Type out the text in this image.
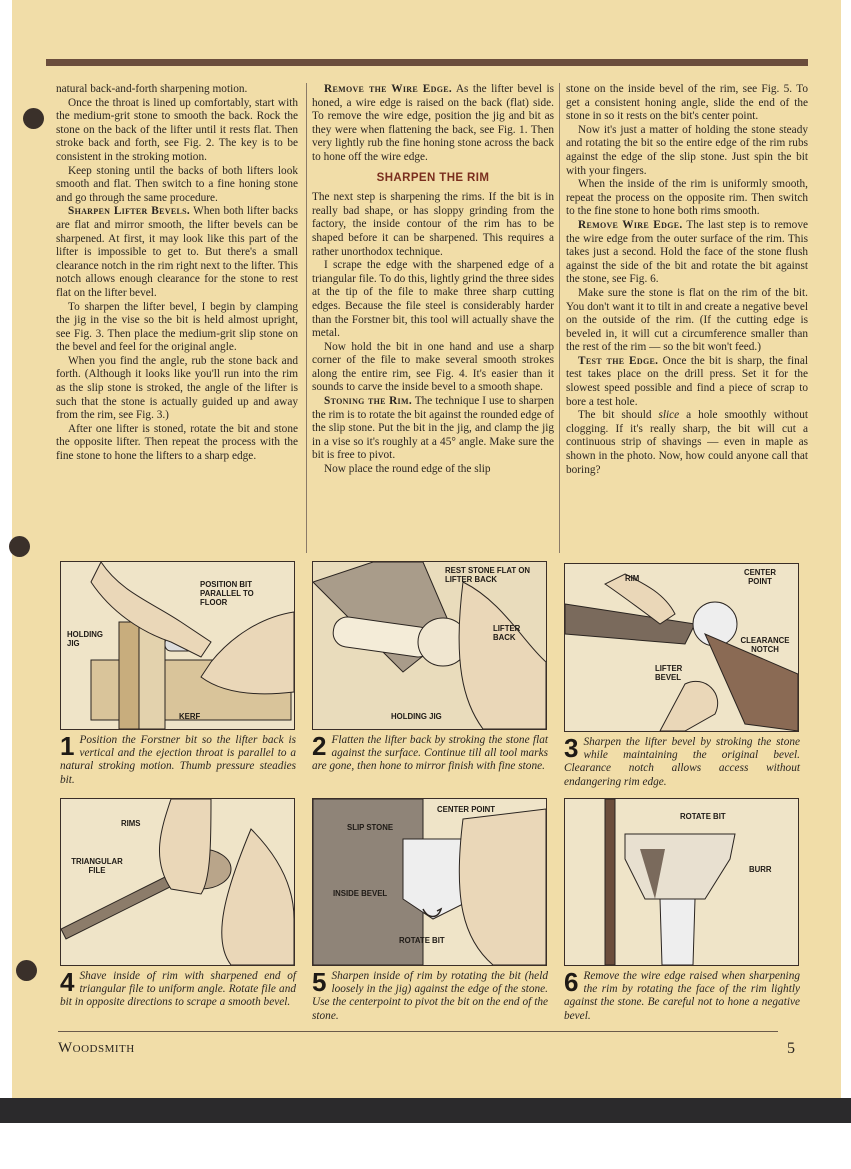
natural back-and-forth sharpening motion.

Once the throat is lined up comfortably, start with the medium-grit stone to smooth the back. Rock the stone on the back of the lifter until it rests flat. Then stroke back and forth, see Fig. 2. The key is to be consistent in the stroking motion.

Keep stoning until the backs of both lifters look smooth and flat. Then switch to a fine honing stone and go through the same procedure.

Sharpen Lifter Bevels. When both lifter backs are flat and mirror smooth, the lifter bevels can be sharpened. At first, it may look like this part of the lifter is impossible to get to. But there's a small clearance notch in the rim right next to the lifter. This notch allows enough clearance for the stone to rest flat on the lifter bevel.

To sharpen the lifter bevel, I begin by clamping the jig in the vise so the bit is held almost upright, see Fig. 3. Then place the medium-grit slip stone on the bevel and feel for the original angle.

When you find the angle, rub the stone back and forth. (Although it looks like you'll run into the rim as the slip stone is stroked, the angle of the lifter is such that the stone is actually guided up and away from the rim, see Fig. 3.)

After one lifter is stoned, rotate the bit and stone the opposite lifter. Then repeat the process with the fine stone to hone the lifters to a sharp edge.

Remove the Wire Edge. As the lifter bevel is honed, a wire edge is raised on the back (flat) side. To remove the wire edge, position the jig and bit as they were when flattening the back, see Fig. 1. Then very lightly rub the fine honing stone across the back to hone off the wire edge.

SHARPEN THE RIM

The next step is sharpening the rims. If the bit is in really bad shape, or has sloppy grinding from the factory, the inside contour of the rim has to be shaped before it can be sharpened. This requires a rather unorthodox technique.

I scrape the edge with the sharpened edge of a triangular file. To do this, lightly grind the three sides at the tip of the file to make three sharp cutting edges. Because the file steel is considerably harder than the Forstner bit, this tool will actually shave the metal.

Now hold the bit in one hand and use a sharp corner of the file to make several smooth strokes along the entire rim, see Fig. 4. It's easier than it sounds to carve the inside bevel to a smooth shape.

Stoning the Rim. The technique I use to sharpen the rim is to rotate the bit against the rounded edge of the slip stone. Put the bit in the jig, and clamp the jig in a vise so it's roughly at a 45° angle. Make sure the bit is free to pivot.

Now place the round edge of the slip

stone on the inside bevel of the rim, see Fig. 5. To get a consistent honing angle, slide the end of the stone in so it rests on the bit's center point.

Now it's just a matter of holding the stone steady and rotating the bit so the entire edge of the rim rubs against the edge of the slip stone. Just spin the bit with your fingers.

When the inside of the rim is uniformly smooth, repeat the process on the opposite rim. Then switch to the fine stone to hone both rims smooth.

Remove Wire Edge. The last step is to remove the wire edge from the outer surface of the rim. This takes just a second. Hold the face of the stone flush against the side of the bit and rotate the bit against the stone, see Fig. 6.

Make sure the stone is flat on the rim of the bit. You don't want it to tilt in and create a negative bevel on the outside of the rim. (If the cutting edge is beveled in, it will cut a circumference smaller than the rest of the rim — so the bit won't feed.)

Test the Edge. Once the bit is sharp, the final test takes place on the drill press. Set it for the slowest speed possible and find a piece of scrap to bore a test hole.

The bit should slice a hole smoothly without clogging. If it's really sharp, the bit will cut a continuous strip of shavings — even in maple as shown in the photo. Now, how could anyone call that boring?

POSITION BIT PARALLEL TO FLOOR
HOLDING JIG
KERF
1 Position the Forstner bit so the lifter back is vertical and the ejection throat is parallel to a natural stroking motion. Thumb pressure steadies bit.
REST STONE FLAT ON LIFTER BACK
LIFTER BACK
HOLDING JIG
2 Flatten the lifter back by stroking the stone flat against the surface. Continue till all tool marks are gone, then hone to mirror finish with fine stone.
RIM
CENTER POINT
CLEARANCE NOTCH
LIFTER BEVEL
3 Sharpen the lifter bevel by stroking the stone while maintaining the original bevel. Clearance notch allows access without endangering rim edge.
RIMS
TRIANGULAR FILE
4 Shave inside of rim with sharpened end of triangular file to uniform angle. Rotate file and bit in opposite directions to scrape a smooth bevel.
CENTER POINT
SLIP STONE
INSIDE BEVEL
ROTATE BIT
5 Sharpen inside of rim by rotating the bit (held loosely in the jig) against the edge of the stone. Use the centerpoint to pivot the bit on the end of the stone.
ROTATE BIT
BURR
6 Remove the wire edge raised when sharpening the rim by rotating the face of the rim lightly against the stone. Be careful not to hone a negative bevel.
Woodsmith	5
